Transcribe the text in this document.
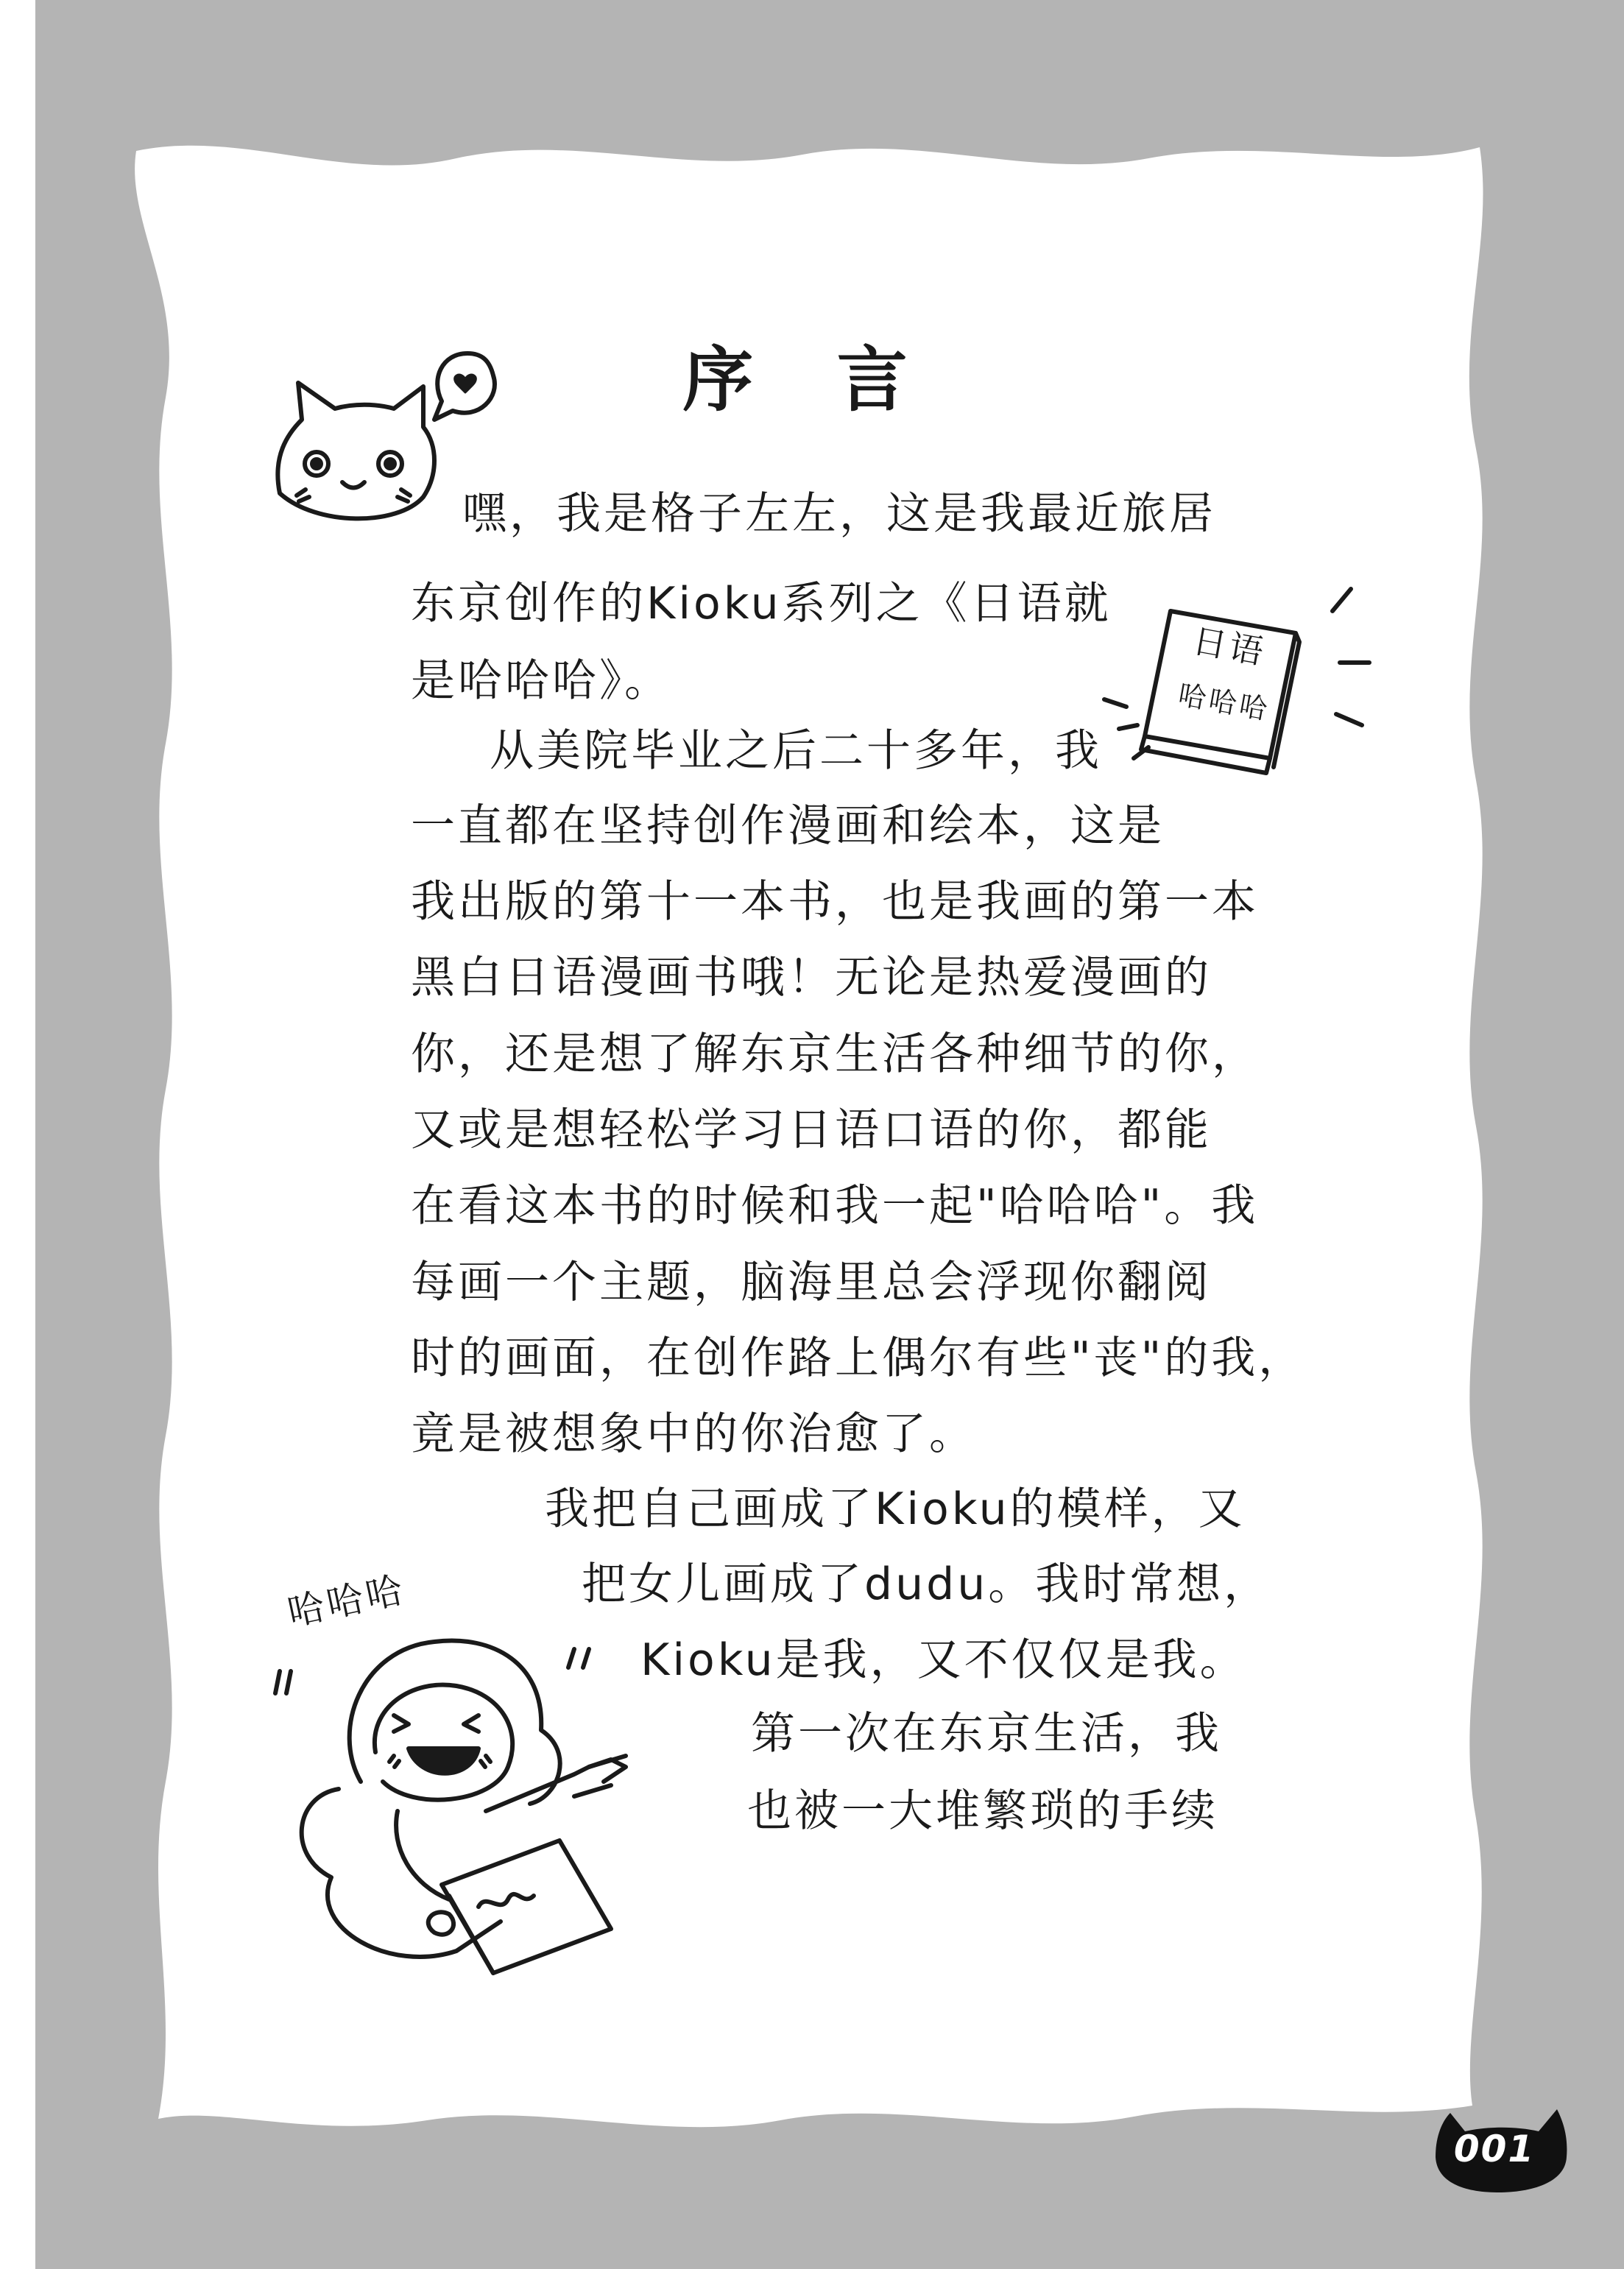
序 言
日语
哈哈哈
嘿，我是格子左左，这是我最近旅居
东京创作的Kioku系列之《日语就
是哈哈哈》。
从美院毕业之后二十多年，我
一直都在坚持创作漫画和绘本，这是
我出版的第十一本书，也是我画的第一本
黑白日语漫画书哦！无论是热爱漫画的
你，还是想了解东京生活各种细节的你，
又或是想轻松学习日语口语的你，都能
在看这本书的时候和我一起"哈哈哈"。我
每画一个主题，脑海里总会浮现你翻阅
时的画面，在创作路上偶尔有些"丧"的我，
竟是被想象中的你治愈了。
我把自己画成了Kioku的模样，又
把女儿画成了dudu。我时常想，
Kioku是我，又不仅仅是我。
第一次在东京生活，我
也被一大堆繁琐的手续
哈哈哈
001
